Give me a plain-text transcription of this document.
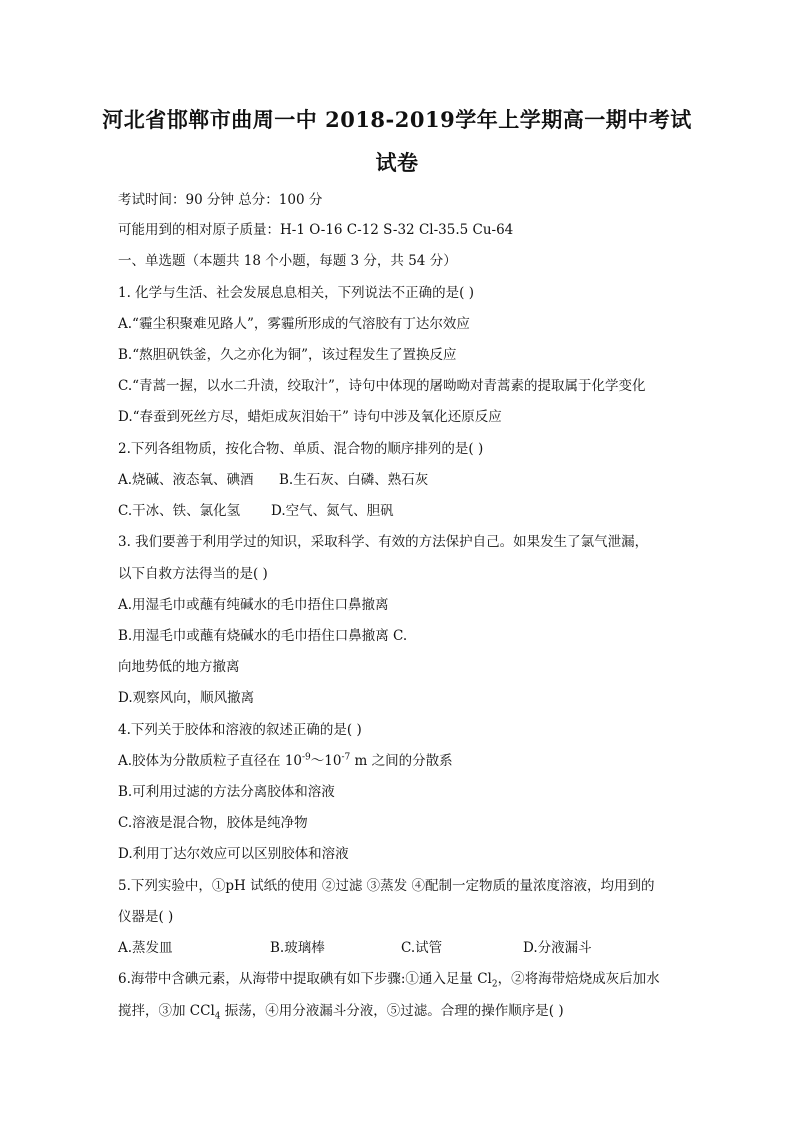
河北省邯郸市曲周一中 2018-2019学年上学期高一期中考试
试卷
考试时间：90 分钟 总分：100 分
可能用到的相对原子质量：H-1 O-16 C-12 S-32 Cl-35.5 Cu-64
一、单选题（本题共 18 个小题，每题 3 分，共 54 分）
1. 化学与生活、社会发展息息相关，下列说法不正确的是( )
A.“霾尘积聚难见路人”，雾霾所形成的气溶胶有丁达尔效应
B.“熬胆矾铁釜，久之亦化为铜”，该过程发生了置换反应
C.“青蒿一握，以水二升渍，绞取汁”，诗句中体现的屠呦呦对青蒿素的提取属于化学变化
D.“春蚕到死丝方尽，蜡炬成灰泪始干” 诗句中涉及氧化还原反应
2.下列各组物质，按化合物、单质、混合物的顺序排列的是( )
A.烧碱、液态氧、碘酒 B.生石灰、白磷、熟石灰
C.干冰、铁、氯化氢 D.空气、氮气、胆矾
3. 我们要善于利用学过的知识，采取科学、有效的方法保护自己。如果发生了氯气泄漏，
以下自救方法得当的是( )
A.用湿毛巾或蘸有纯碱水的毛巾捂住口鼻撤离
B.用湿毛巾或蘸有烧碱水的毛巾捂住口鼻撤离 C.
向地势低的地方撤离
D.观察风向，顺风撤离
4.下列关于胶体和溶液的叙述正确的是( )
A.胶体为分散质粒子直径在 $10^{-9}\sim 10^{-7}$ m 之间的分散系
B.可利用过滤的方法分离胶体和溶液
C.溶液是混合物，胶体是纯净物
D.利用丁达尔效应可以区别胶体和溶液
5.下列实验中，①pH 试纸的使用 ②过滤 ③蒸发 ④配制一定物质的量浓度溶液，均用到的
仪器是( )
A.蒸发皿	B.玻璃棒	C.试管	D.分液漏斗
6.海带中含碘元素，从海带中提取碘有如下步骤:①通入足量 $Cl_2$，②将海带焙烧成灰后加水
搅拌，③加 CCl$_4$ 振荡，④用分液漏斗分液，⑤过滤。合理的操作顺序是( )
